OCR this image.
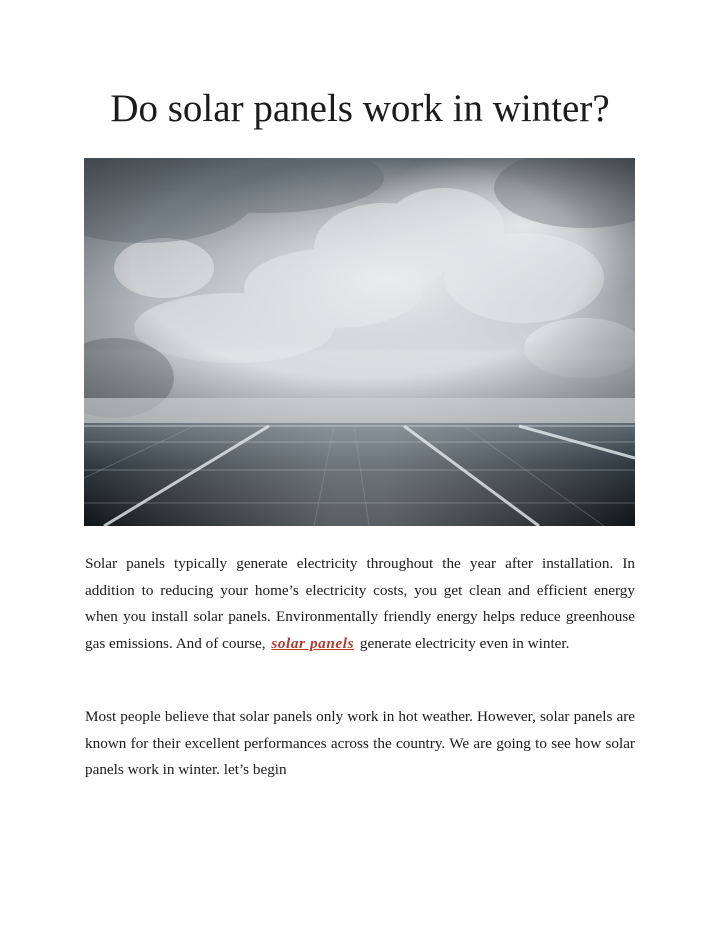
Do solar panels work in winter?

Solar panels typically generate electricity throughout the year after installation. In addition to reducing your home’s electricity costs, you get clean and efficient energy when you install solar panels. Environmentally friendly energy helps reduce greenhouse gas emissions. And of course, solar panels generate electricity even in winter.

Most people believe that solar panels only work in hot weather. However, solar panels are known for their excellent performances across the country. We are going to see how solar panels work in winter. let’s begin
